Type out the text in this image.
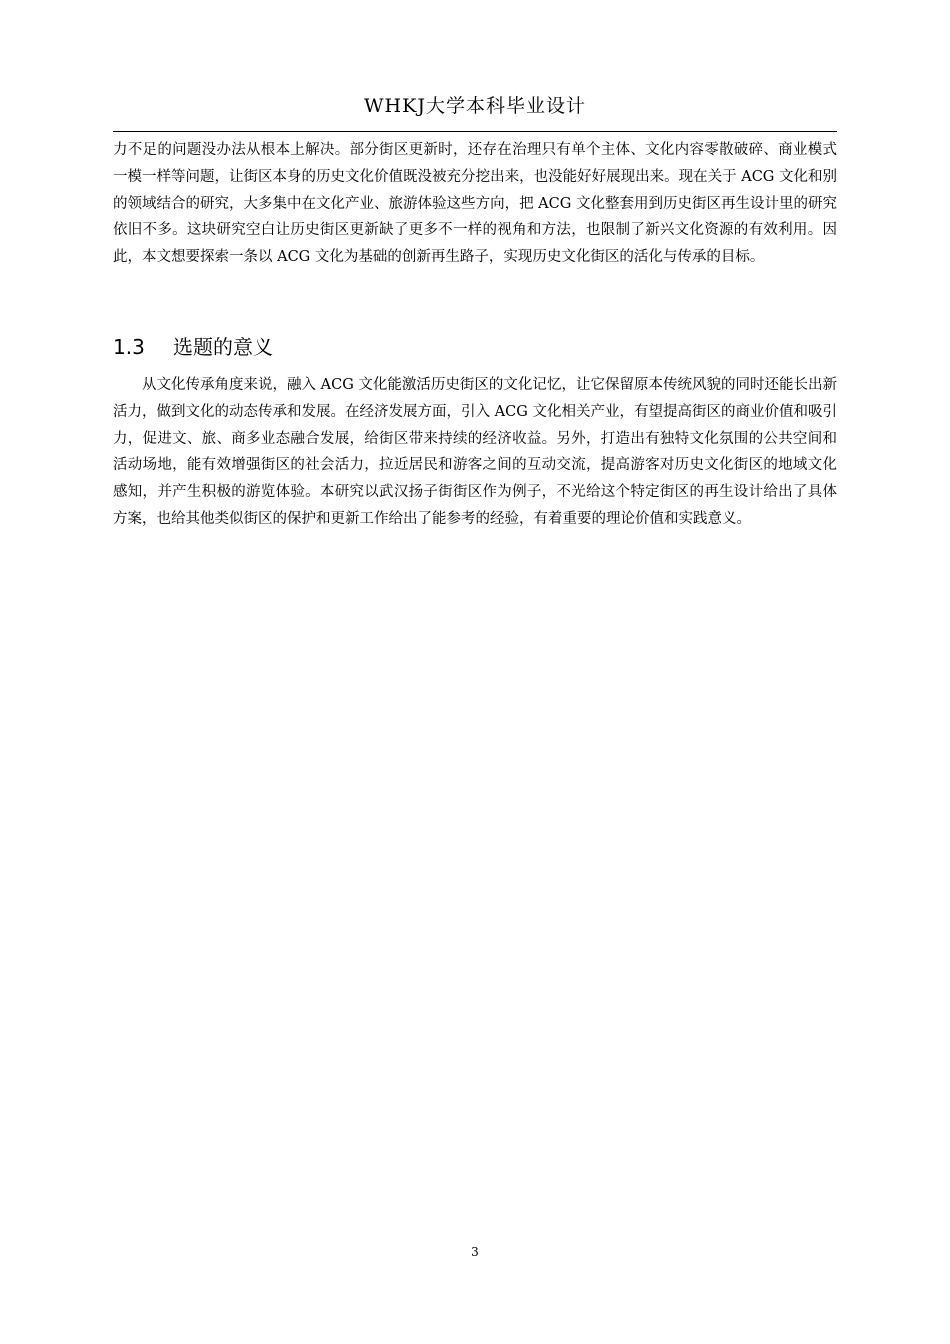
WHKJ大学本科毕业设计

力不足的问题没办法从根本上解决。部分街区更新时，还存在治理只有单个主体、文化内容零散破碎、商业模式一模一样等问题，让街区本身的历史文化价值既没被充分挖出来，也没能好好展现出来。现在关于 ACG 文化和别的领域结合的研究，大多集中在文化产业、旅游体验这些方向，把 ACG 文化整套用到历史街区再生设计里的研究依旧不多。这块研究空白让历史街区更新缺了更多不一样的视角和方法，也限制了新兴文化资源的有效利用。因此，本文想要探索一条以 ACG 文化为基础的创新再生路子，实现历史文化街区的活化与传承的目标。

1.3 选题的意义

从文化传承角度来说，融入 ACG 文化能激活历史街区的文化记忆，让它保留原本传统风貌的同时还能长出新活力，做到文化的动态传承和发展。在经济发展方面，引入 ACG 文化相关产业，有望提高街区的商业价值和吸引力，促进文、旅、商多业态融合发展，给街区带来持续的经济收益。另外，打造出有独特文化氛围的公共空间和活动场地，能有效增强街区的社会活力，拉近居民和游客之间的互动交流，提高游客对历史文化街区的地域文化感知，并产生积极的游览体验。本研究以武汉扬子街街区作为例子，不光给这个特定街区的再生设计给出了具体方案，也给其他类似街区的保护和更新工作给出了能参考的经验，有着重要的理论价值和实践意义。

3
